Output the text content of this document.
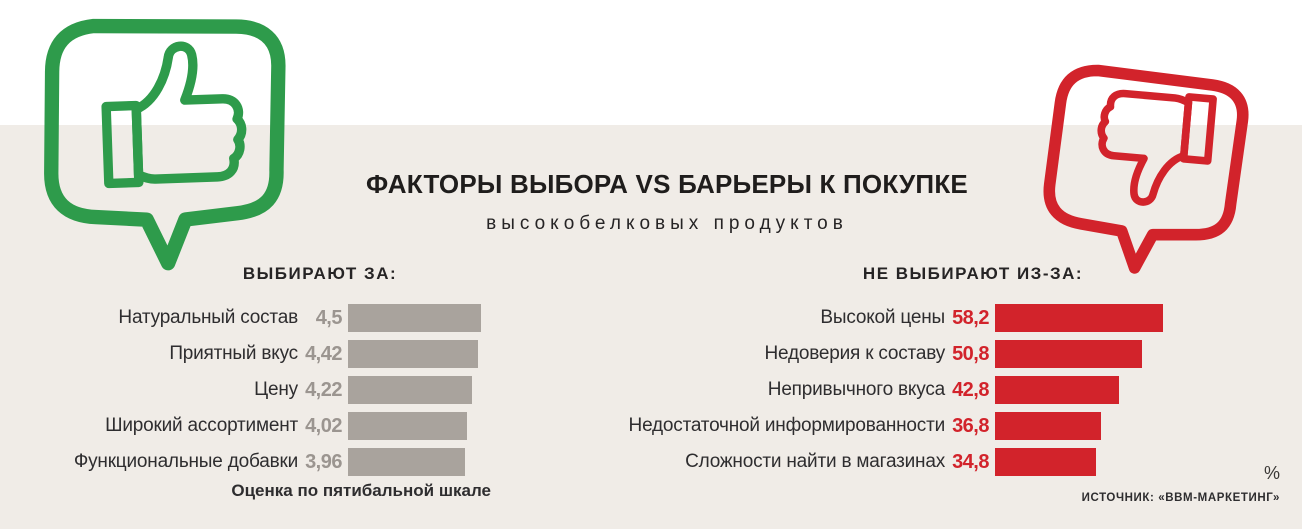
ФАКТОРЫ ВЫБОРА VS БАРЬЕРЫ К ПОКУПКЕ
высокобелковых продуктов
ВЫБИРАЮТ ЗА:	НЕ ВЫБИРАЮТ ИЗ-ЗА:
Натуральный состав 4,5
Приятный вкус 4,42
Цену 4,22
Широкий ассортимент 4,02
Функциональные добавки 3,96
Высокой цены 58,2
Недоверия к составу 50,8
Непривычного вкуса 42,8
Недостаточной информированности 36,8
Сложности найти в магазинах 34,8
Оценка по пятибальной шкале
%
ИСТОЧНИК: «ВВМ-МАРКЕТИНГ»
